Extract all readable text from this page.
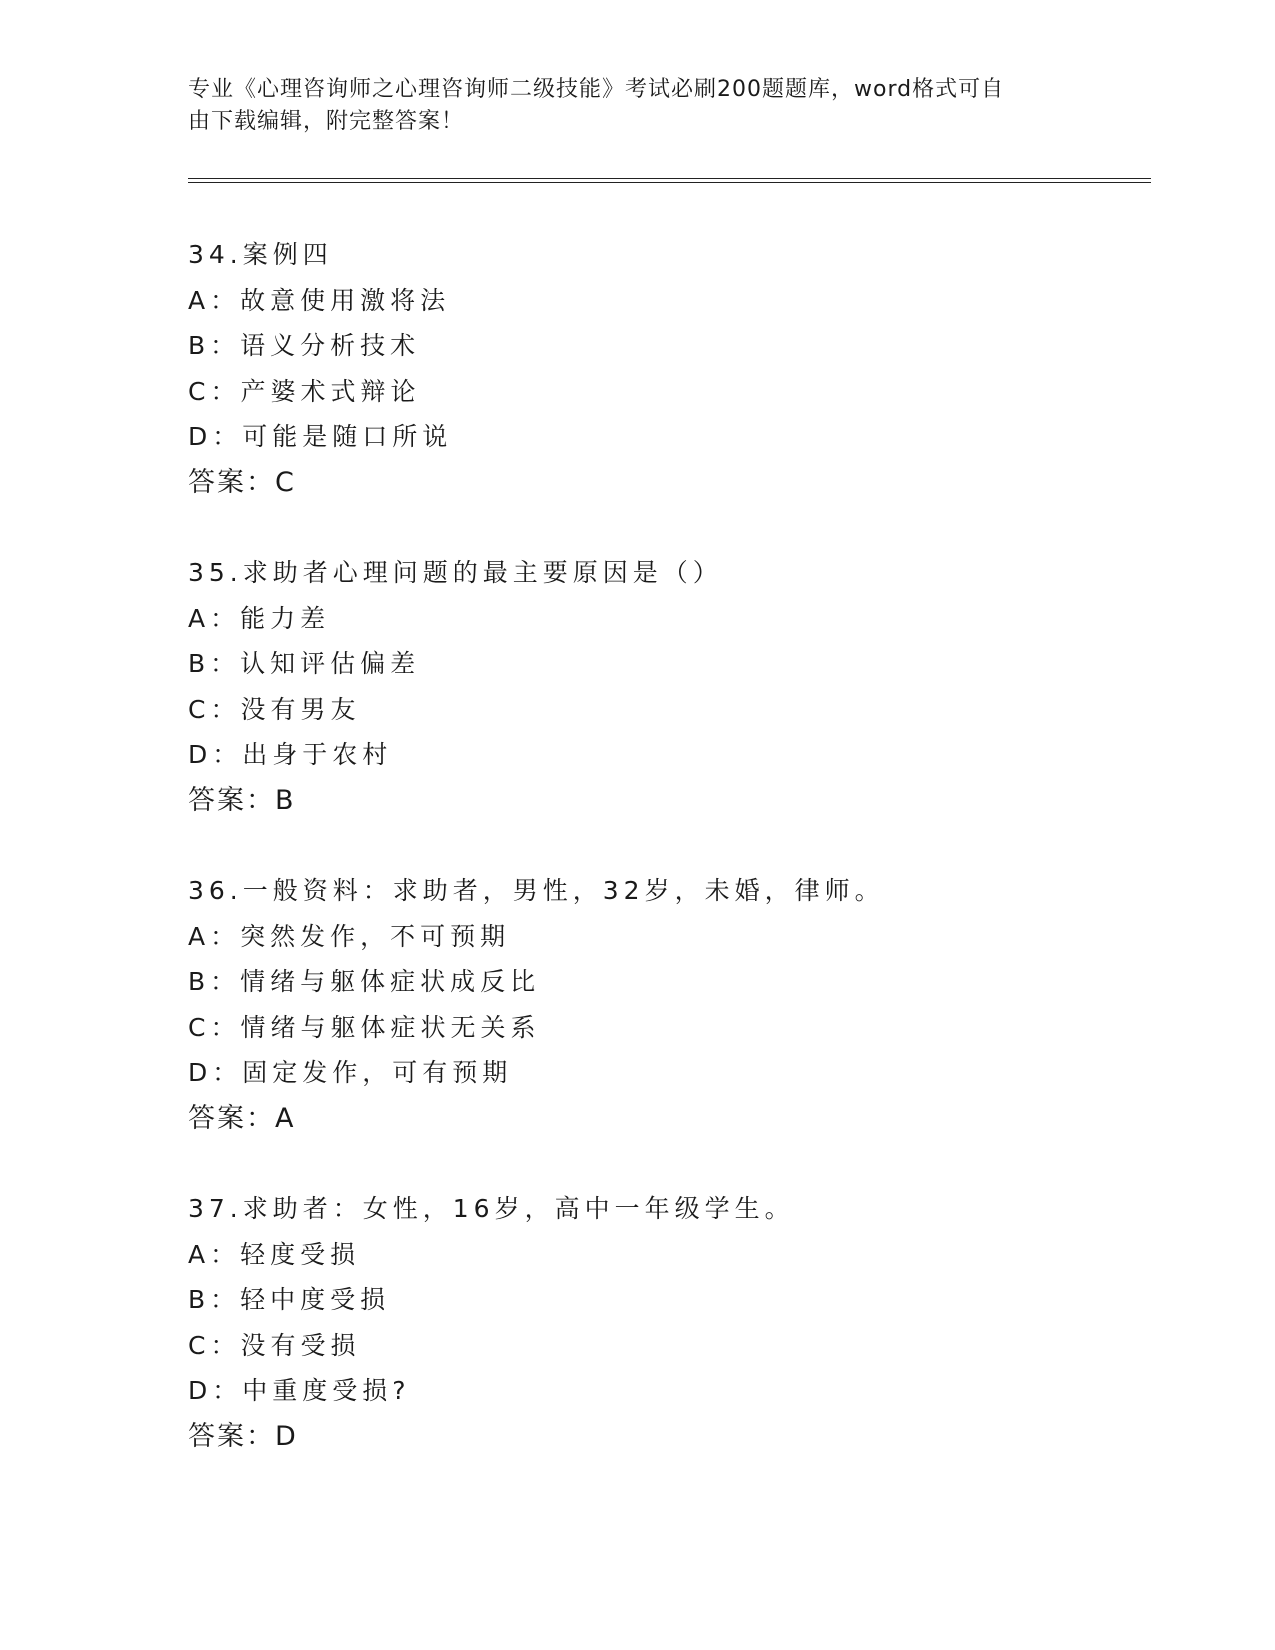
专业《心理咨询师之心理咨询师二级技能》考试必刷200题题库，word格式可自
由下载编辑，附完整答案！
34.案例四
A：故意使用激将法
B：语义分析技术
C：产婆术式辩论
D：可能是随口所说
答案：C
35.求助者心理问题的最主要原因是（）
A：能力差
B：认知评估偏差
C：没有男友
D：出身于农村
答案：B
36.一般资料：求助者，男性，32岁，未婚，律师。
A：突然发作，不可预期
B：情绪与躯体症状成反比
C：情绪与躯体症状无关系
D：固定发作，可有预期
答案：A
37.求助者：女性，16岁，高中一年级学生。
A：轻度受损
B：轻中度受损
C：没有受损
D：中重度受损?
答案：D
